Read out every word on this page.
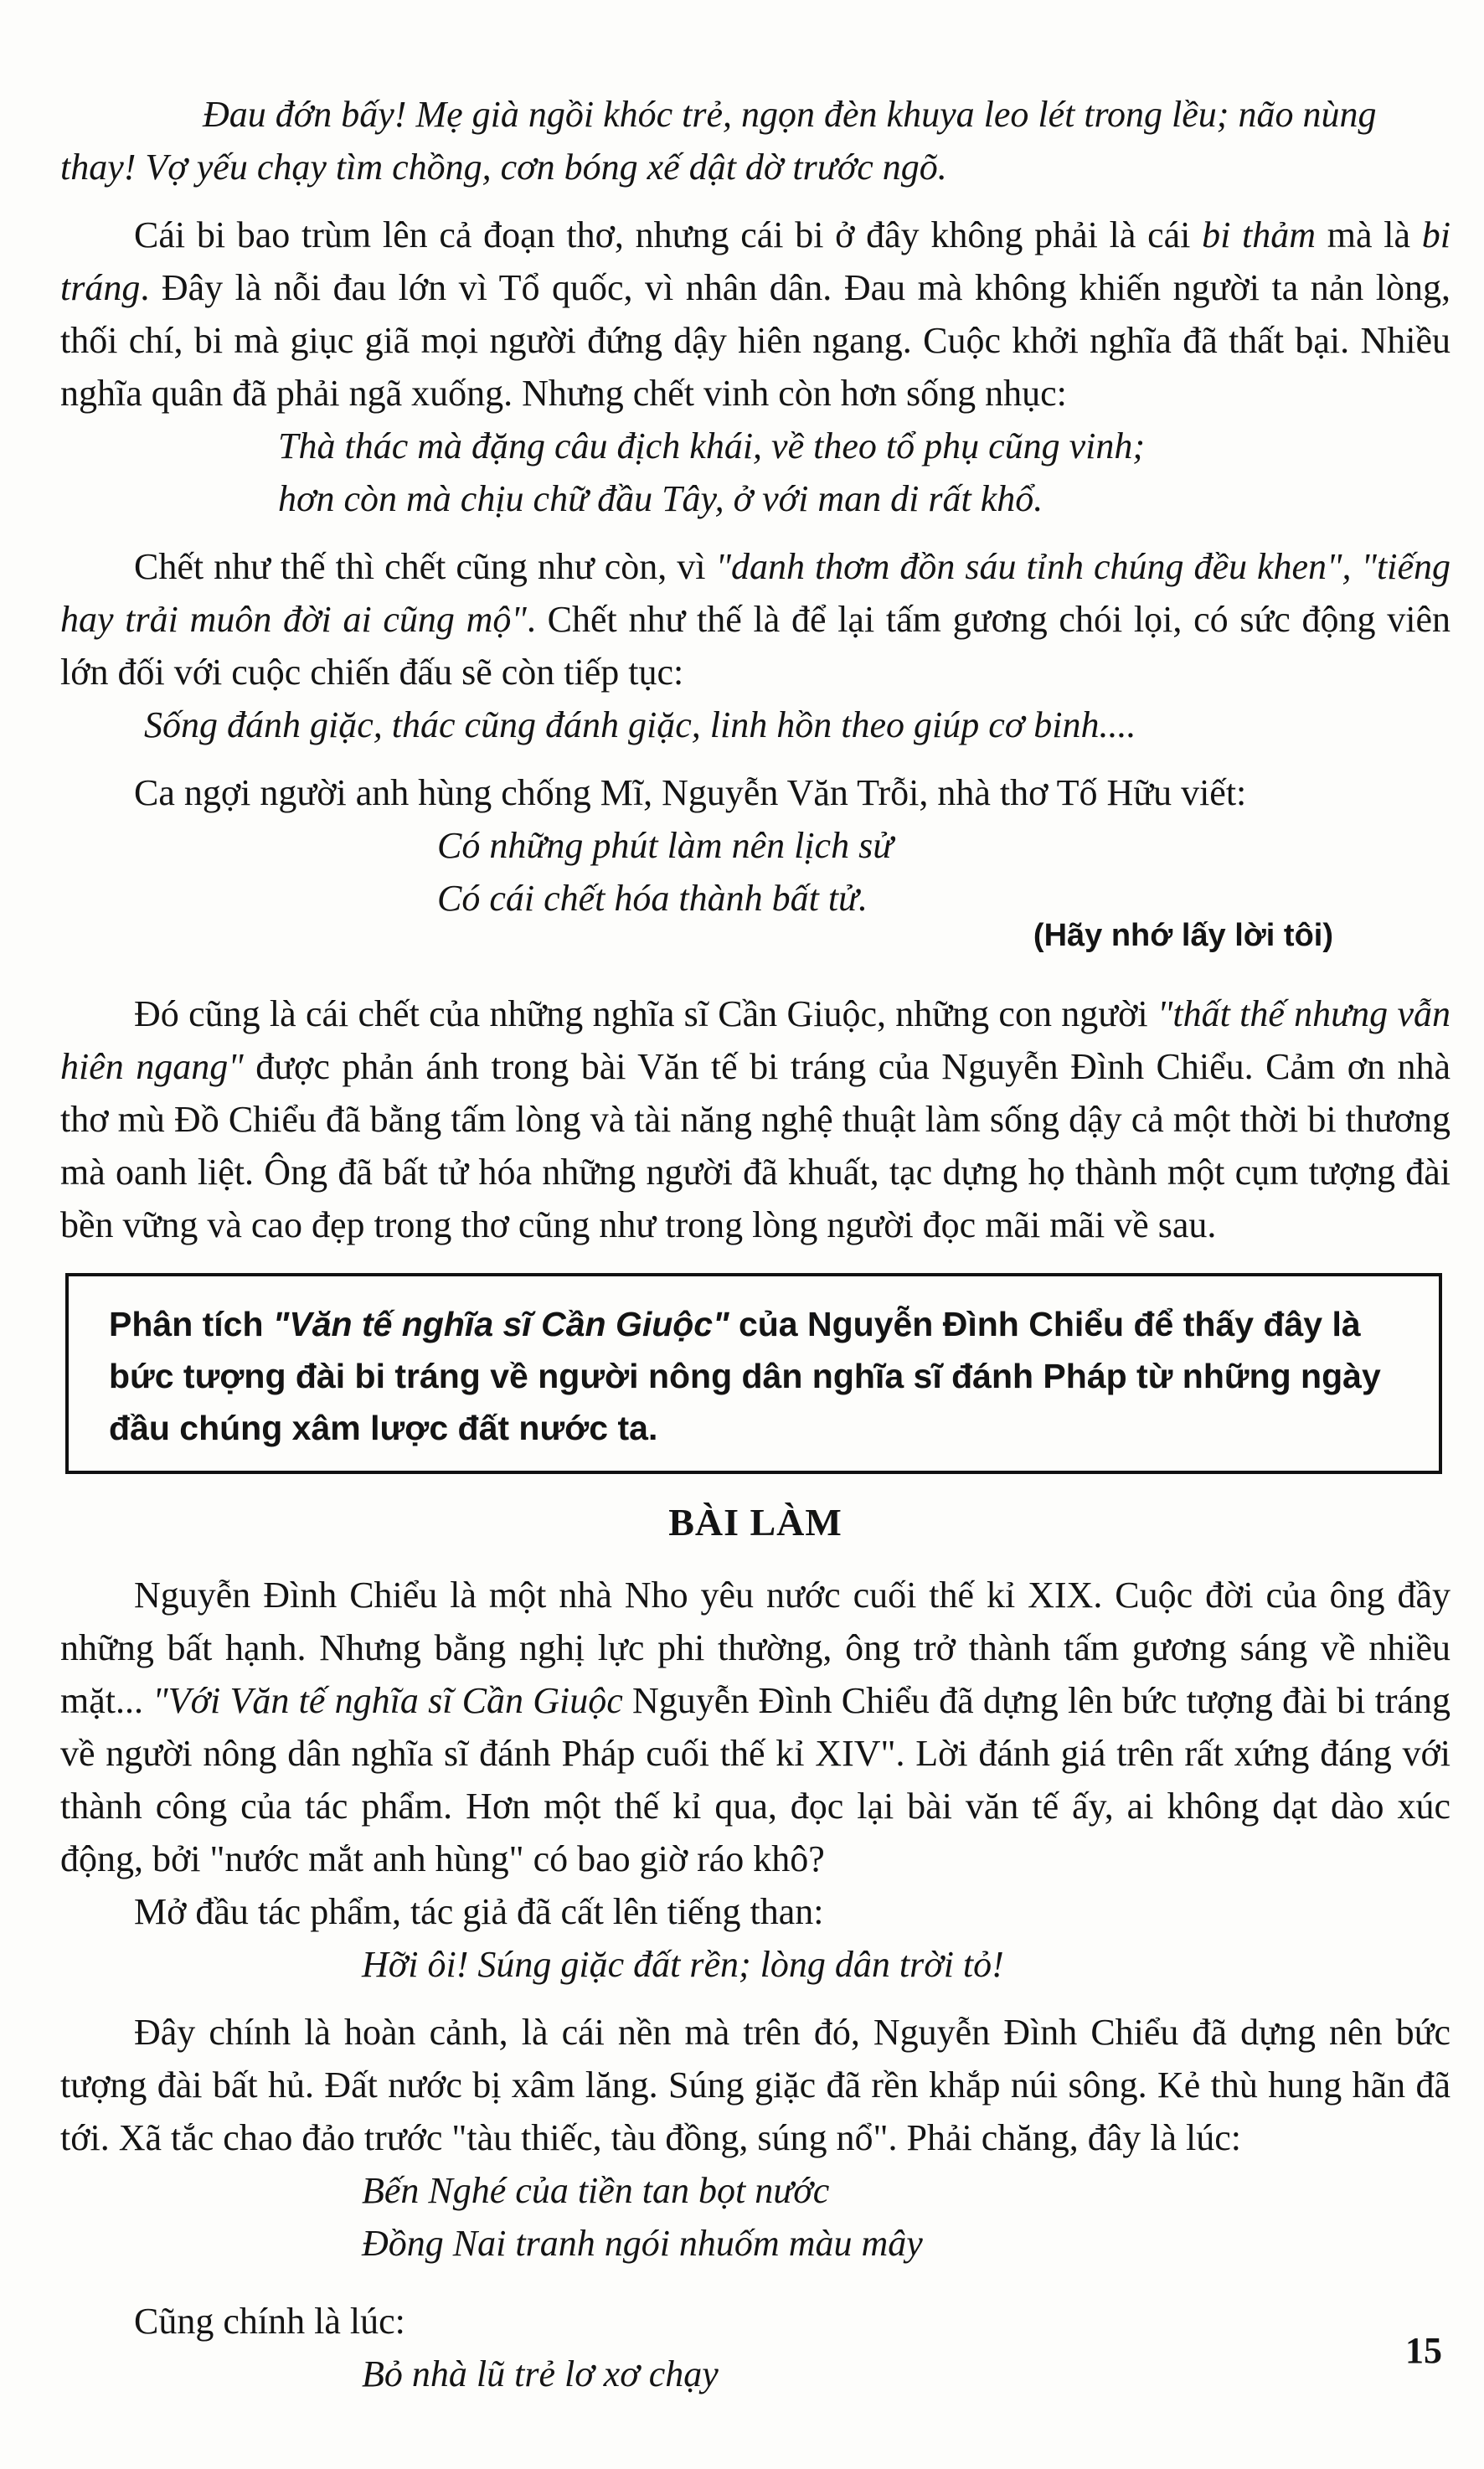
Đau đớn bấy! Mẹ già ngồi khóc trẻ, ngọn đèn khuya leo lét trong lều; não nùng thay! Vợ yếu chạy tìm chồng, cơn bóng xế dật dờ trước ngõ.

Cái bi bao trùm lên cả đoạn thơ, nhưng cái bi ở đây không phải là cái bi thảm mà là bi tráng. Đây là nỗi đau lớn vì Tổ quốc, vì nhân dân. Đau mà không khiến người ta nản lòng, thối chí, bi mà giục giã mọi người đứng dậy hiên ngang. Cuộc khởi nghĩa đã thất bại. Nhiều nghĩa quân đã phải ngã xuống. Nhưng chết vinh còn hơn sống nhục:

Thà thác mà đặng câu địch khái, về theo tổ phụ cũng vinh;

hơn còn mà chịu chữ đầu Tây, ở với man di rất khổ.

Chết như thế thì chết cũng như còn, vì "danh thơm đồn sáu tỉnh chúng đều khen", "tiếng hay trải muôn đời ai cũng mộ". Chết như thế là để lại tấm gương chói lọi, có sức động viên lớn đối với cuộc chiến đấu sẽ còn tiếp tục:

Sống đánh giặc, thác cũng đánh giặc, linh hồn theo giúp cơ binh....

Ca ngợi người anh hùng chống Mĩ, Nguyễn Văn Trỗi, nhà thơ Tố Hữu viết:

Có những phút làm nên lịch sử

Có cái chết hóa thành bất tử.

(Hãy nhớ lấy lời tôi)

Đó cũng là cái chết của những nghĩa sĩ Cần Giuộc, những con người "thất thế nhưng vẫn hiên ngang" được phản ánh trong bài Văn tế bi tráng của Nguyễn Đình Chiểu. Cảm ơn nhà thơ mù Đồ Chiểu đã bằng tấm lòng và tài năng nghệ thuật làm sống dậy cả một thời bi thương mà oanh liệt. Ông đã bất tử hóa những người đã khuất, tạc dựng họ thành một cụm tượng đài bền vững và cao đẹp trong thơ cũng như trong lòng người đọc mãi mãi về sau.

Phân tích "Văn tế nghĩa sĩ Cần Giuộc" của Nguyễn Đình Chiểu để thấy đây là bức tượng đài bi tráng về người nông dân nghĩa sĩ đánh Pháp từ những ngày đầu chúng xâm lược đất nước ta.
BÀI LÀM

Nguyễn Đình Chiểu là một nhà Nho yêu nước cuối thế kỉ XIX. Cuộc đời của ông đầy những bất hạnh. Nhưng bằng nghị lực phi thường, ông trở thành tấm gương sáng về nhiều mặt... "Với Văn tế nghĩa sĩ Cần Giuộc Nguyễn Đình Chiểu đã dựng lên bức tượng đài bi tráng về người nông dân nghĩa sĩ đánh Pháp cuối thế kỉ XIV". Lời đánh giá trên rất xứng đáng với thành công của tác phẩm. Hơn một thế kỉ qua, đọc lại bài văn tế ấy, ai không dạt dào xúc động, bởi "nước mắt anh hùng" có bao giờ ráo khô?

Mở đầu tác phẩm, tác giả đã cất lên tiếng than:

Hỡi ôi! Súng giặc đất rền; lòng dân trời tỏ!

Đây chính là hoàn cảnh, là cái nền mà trên đó, Nguyễn Đình Chiểu đã dựng nên bức tượng đài bất hủ. Đất nước bị xâm lăng. Súng giặc đã rền khắp núi sông. Kẻ thù hung hãn đã tới. Xã tắc chao đảo trước "tàu thiếc, tàu đồng, súng nổ". Phải chăng, đây là lúc:

Bến Nghé của tiền tan bọt nước

Đồng Nai tranh ngói nhuốm màu mây

Cũng chính là lúc:

Bỏ nhà lũ trẻ lơ xơ chạy

15
